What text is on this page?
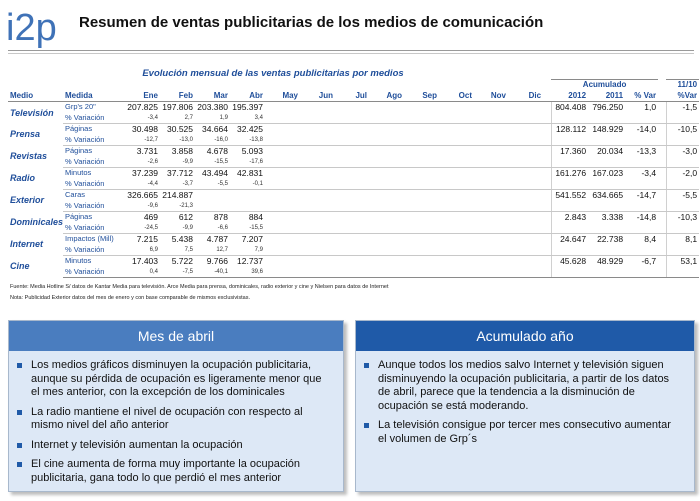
i2p Resumen de ventas publicitarias de los medios de comunicación
Evolución mensual de las ventas publicitarias por medios
															Acumulado				11/10
Medio	Medida	Ene	Feb	Mar	Abr	May	Jun	Jul	Ago	Sep	Oct	Nov	Dic		2012	2011	% Var		%Var
Televisión	Grp's 20"	207.825	197.806	203.380	195.397										804.408	796.250	1,0		-1,5
	% Variación	-3,4	2,7	1,9	3,4														
Prensa	Páginas	30.498	30.525	34.664	32.425										128.112	148.929	-14,0		-10,5
	% Variación	-12,7	-13,0	-16,0	-13,8														
Revistas	Páginas	3.731	3.858	4.678	5.093										17.360	20.034	-13,3		-3,0
	% Variación	-2,6	-9,9	-15,5	-17,6														
Radio	Minutos	37.239	37.712	43.494	42.831										161.276	167.023	-3,4		-2,0
	% Variación	-4,4	-3,7	-5,5	-0,1														
Exterior	Caras	326.665	214.887												541.552	634.665	-14,7		-5,5
	% Variación	-9,6	-21,3																
Dominicales	Páginas	469	612	878	884										2.843	3.338	-14,8		-10,3
	% Variación	-24,5	-9,9	-6,6	-15,5														
Internet	Impactos (Mill)	7.215	5.438	4.787	7.207										24.647	22.738	8,4		8,1
	% Variación	6,9	7,5	12,7	7,9														
Cine	Minutos	17.403	5.722	9.766	12.737										45.628	48.929	-6,7		53,1
	% Variación	0,4	-7,5	-40,1	39,6														
Fuente: Media Hotline S/ datos de Kantar Media para televisión. Arce Media para prensa, dominicales, radio exterior y cine y Nielsen para datos de Internet
Nota: Publicidad Exterior datos del mes de enero y con base comparable de mismos exclusivistas.
Mes de abril
Los medios gráficos disminuyen la ocupación publicitaria, aunque su pérdida de ocupación es ligeramente menor que el mes anterior, con la excepción de los dominicales
La radio mantiene el nivel de ocupación con respecto al mismo nivel del año anterior
Internet y televisión aumentan la ocupación
El cine aumenta de forma muy importante la ocupación publicitaria, gana todo lo que perdió el mes anterior
Acumulado año
Aunque todos los medios salvo Internet y televisión siguen disminuyendo la ocupación publicitaria, a partir de los datos de abril, parece que la tendencia a la disminución de ocupación se está moderando.
La televisión consigue por tercer mes consecutivo aumentar el volumen de Grp´s
